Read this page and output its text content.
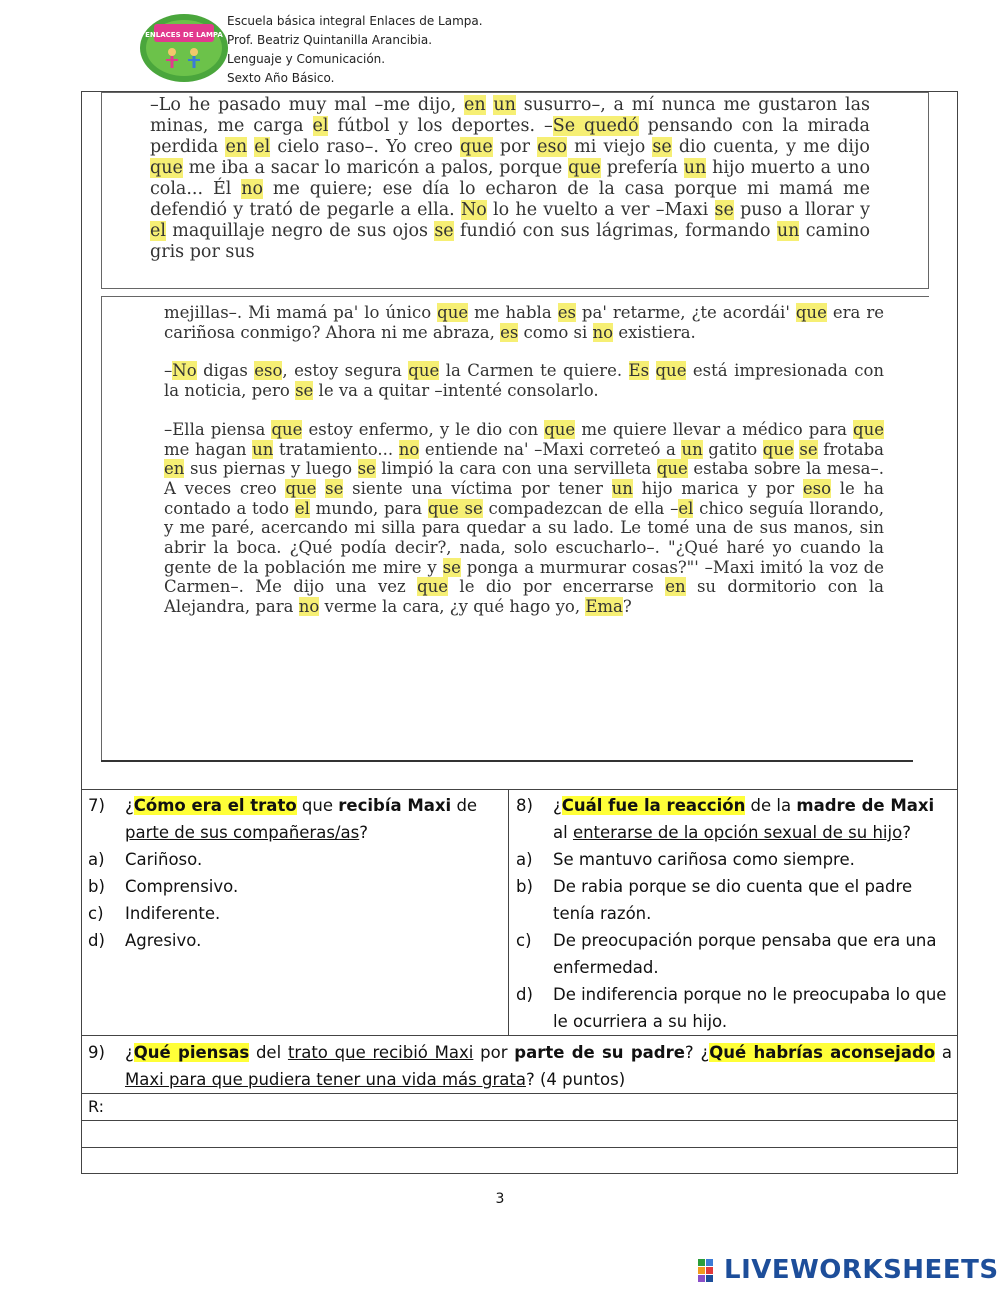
ENLACES DE LAMPA
Escuela básica integral Enlaces de Lampa.
Prof. Beatriz Quintanilla Arancibia.
Lenguaje y Comunicación.
Sexto Año Básico.
–Lo he pasado muy mal –me dijo, en un susurro–, a mí nunca me gustaron las minas, me carga el fútbol y los deportes. –Se quedó pensando con la mirada perdida en el cielo raso–. Yo creo que por eso mi viejo se dio cuenta, y me dijo que me iba a sacar lo maricón a palos, porque que prefería un hijo muerto a uno cola... Él no me quiere; ese día lo echaron de la casa porque mi mamá me defendió y trató de pegarle a ella. No lo he vuelto a ver –Maxi se puso a llorar y el maquillaje negro de sus ojos se fundió con sus lágrimas, formando un camino gris por sus

mejillas–. Mi mamá pa' lo único que me habla es pa' retarme, ¿te acordái' que era re cariñosa conmigo? Ahora ni me abraza, es como si no existiera.

–No digas eso, estoy segura que la Carmen te quiere. Es que está impresionada con la noticia, pero se le va a quitar –intenté consolarlo.

–Ella piensa que estoy enfermo, y le dio con que me quiere llevar a médico para que me hagan un tratamiento... no entiende na' –Maxi correteó a un gatito que se frotaba en sus piernas y luego se limpió la cara con una servilleta que estaba sobre la mesa–. A veces creo que se siente una víctima por tener un hijo marica y por eso le ha contado a todo el mundo, para que se compadezcan de ella –el chico seguía llorando, y me paré, acercando mi silla para quedar a su lado. Le tomé una de sus manos, sin abrir la boca. ¿Qué podía decir?, nada, solo escucharlo–. "¿Qué haré yo cuando la gente de la población me mire y se ponga a murmurar cosas?"' –Maxi imitó la voz de Carmen–. Me dijo una vez que le dio por encerrarse en su dormitorio con la Alejandra, para no verme la cara, ¿y qué hago yo, Ema?

7)	¿Cómo era el trato que recibía Maxi de parte de sus compañeras/as?
a)	Cariñoso.
b)	Comprensivo.
c)	Indiferente.
d)	Agresivo.
8)	¿Cuál fue la reacción de la madre de Maxi al enterarse de la opción sexual de su hijo?
a)	Se mantuvo cariñosa como siempre.
b)	De rabia porque se dio cuenta que el padre tenía razón.
c)	De preocupación porque pensaba que era una enfermedad.
d)	De indiferencia porque no le preocupaba lo que le ocurriera a su hijo.
9)	¿Qué piensas del trato que recibió Maxi por parte de su padre? ¿Qué habrías aconsejado a Maxi para que pudiera tener una vida más grata? (4 puntos)
R:
3
LIVEWORKSHEETS
